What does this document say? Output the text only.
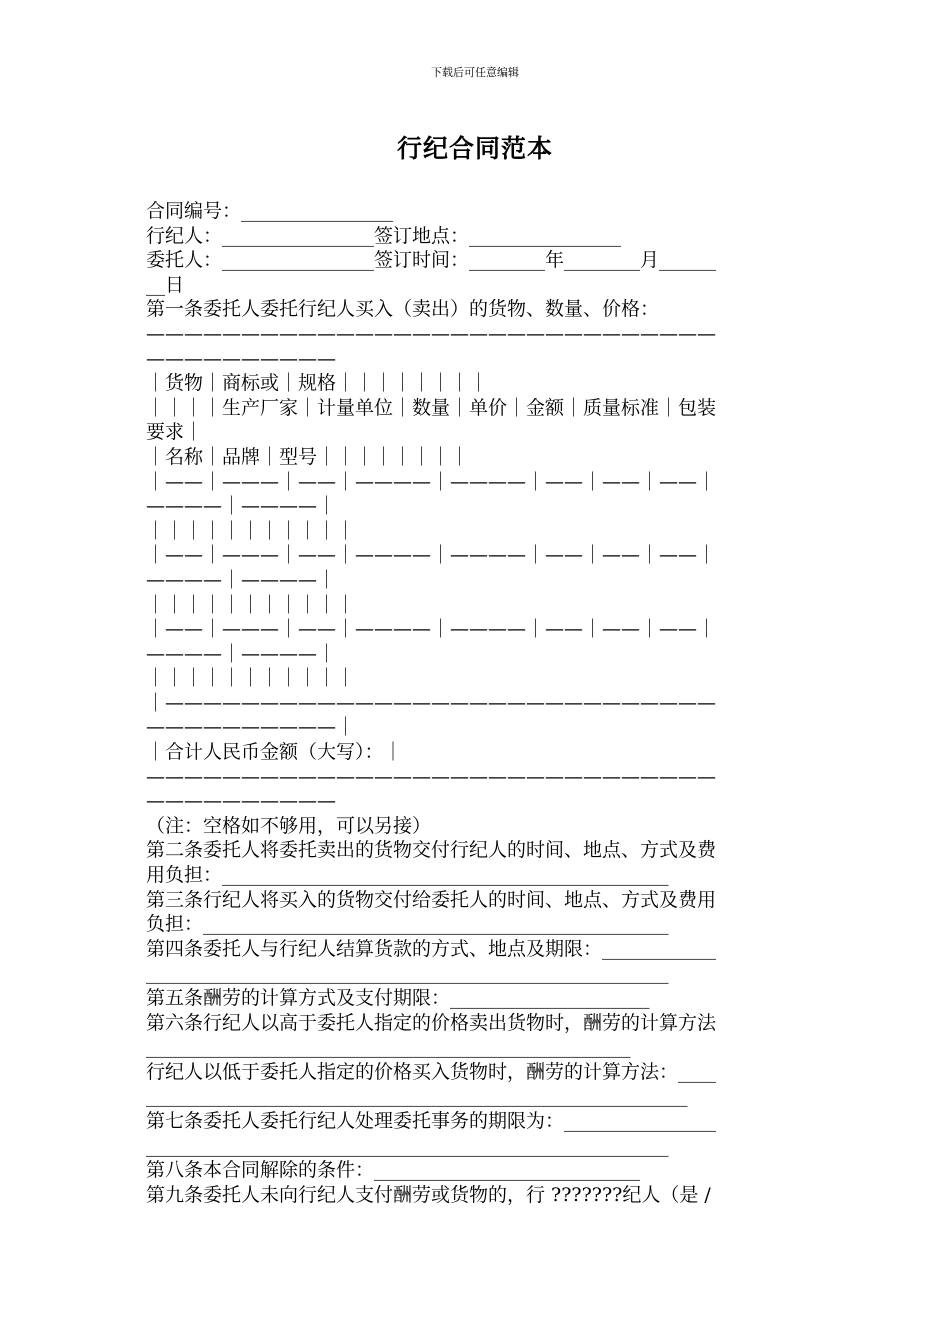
下载后可任意编辑
行纪合同范本
合同编号：________________
行纪人：________________签订地点：________________
委托人：________________签订时间：________年________月______
__日
第一条委托人委托行纪人买入（卖出）的货物、数量、价格：
——————————————————————————————
——————————
｜货物｜商标或｜规格｜｜｜｜｜｜｜｜
｜｜｜｜生产厂家｜计量单位｜数量｜单价｜金额｜质量标准｜包装
要求｜
｜名称｜品牌｜型号｜｜｜｜｜｜｜｜
｜——｜———｜——｜————｜————｜——｜——｜——｜
————｜————｜
｜｜｜｜｜｜｜｜｜｜｜
｜——｜———｜——｜————｜————｜——｜——｜——｜
————｜————｜
｜｜｜｜｜｜｜｜｜｜｜
｜——｜———｜——｜————｜————｜——｜——｜——｜
————｜————｜
｜｜｜｜｜｜｜｜｜｜｜
｜—————————————————————————————
——————————｜
｜合计人民币金额（大写）：｜
——————————————————————————————
——————————
（注：空格如不够用，可以另接）
第二条委托人将委托卖出的货物交付行纪人的时间、地点、方式及费
用负担：_______________________________________________
第三条行纪人将买入的货物交付给委托人的时间、地点、方式及费用
负担：_________________________________________________
第四条委托人与行纪人结算货款的方式、地点及期限：____________
_______________________________________________________
第五条酬劳的计算方式及支付期限：_____________________
第六条行纪人以高于委托人指定的价格卖出货物时，酬劳的计算方法
___________________________________________________
行纪人以低于委托人指定的价格买入货物时，酬劳的计算方法：____
_________________________________________________________
第七条委托人委托行纪人处理委托事务的期限为：________________
_______________________________________________________
第八条本合同解除的条件：____________________________
第九条委托人未向行纪人支付酬劳或货物的，行 ???????纪人（是 /
